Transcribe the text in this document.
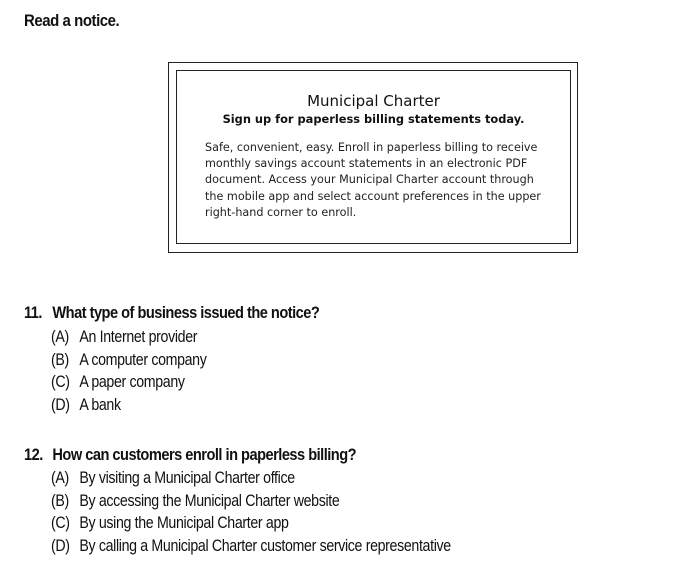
Read a notice.
Municipal Charter
Sign up for paperless billing statements today.
Safe, convenient, easy. Enroll in paperless billing to receive
monthly savings account statements in an electronic PDF
document. Access your Municipal Charter account through
the mobile app and select account preferences in the upper
right-hand corner to enroll.
11. What type of business issued the notice?
(A) An Internet provider
(B) A computer company
(C) A paper company
(D) A bank
12. How can customers enroll in paperless billing?
(A) By visiting a Municipal Charter office
(B) By accessing the Municipal Charter website
(C) By using the Municipal Charter app
(D) By calling a Municipal Charter customer service representative
